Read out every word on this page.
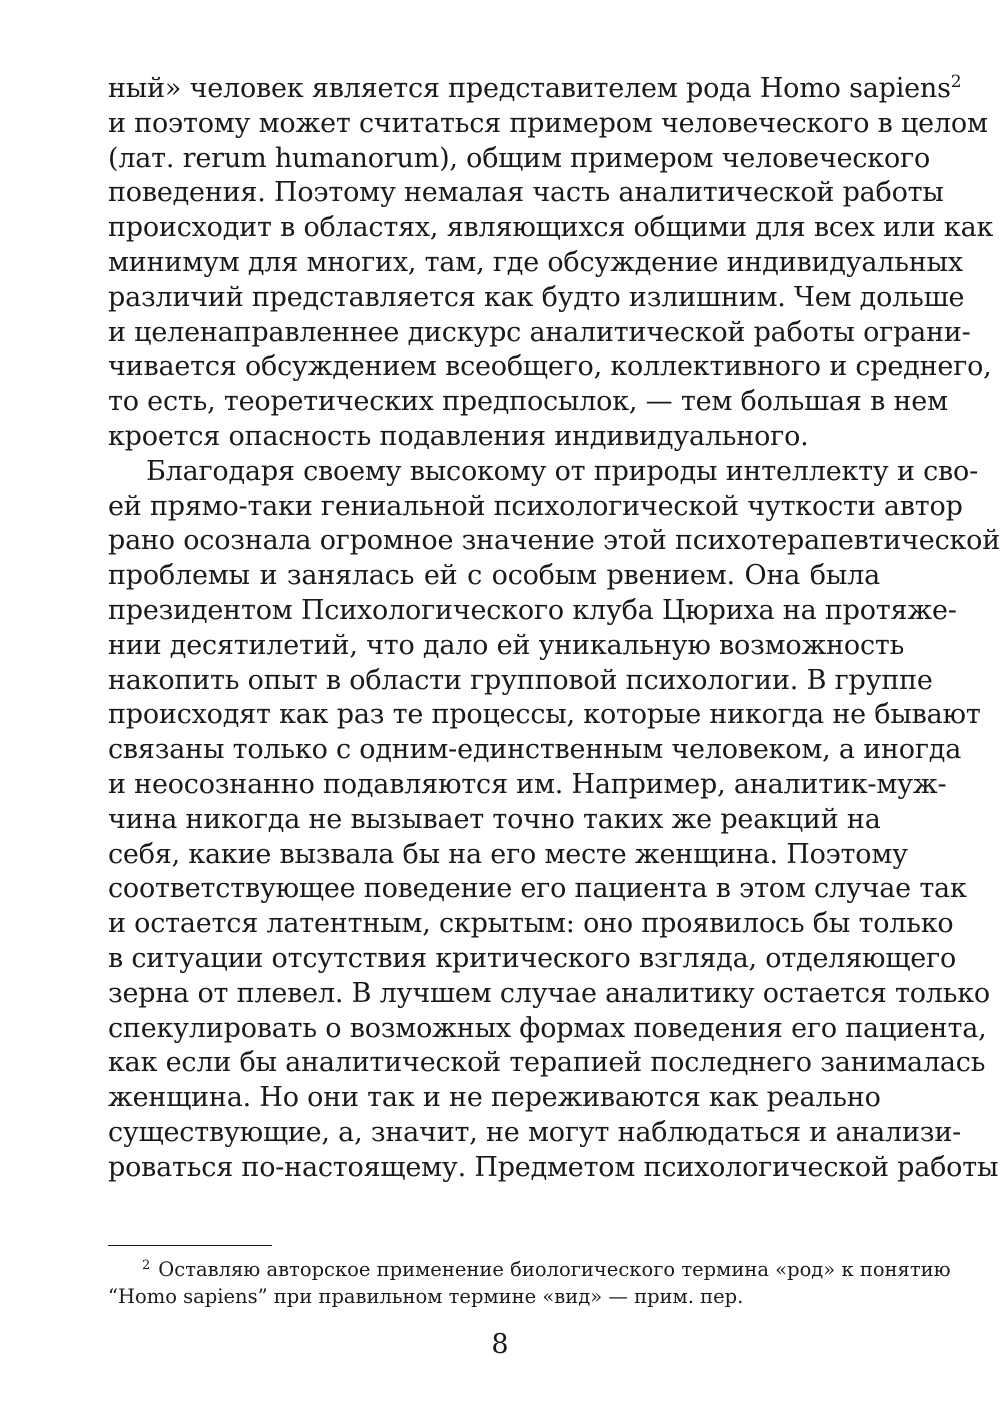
ный» человек является представителем рода Homo sapiens$^2$
и поэтому может считаться примером человеческого в целом
(лат. rerum humanorum), общим примером человеческого
поведения. Поэтому немалая часть аналитической работы
происходит в областях, являющихся общими для всех или как
минимум для многих, там, где обсуждение индивидуальных
различий представляется как будто излишним. Чем дольше
и целенаправленнее дискурс аналитической работы ограни-
чивается обсуждением всеобщего, коллективного и среднего,
то есть, теоретических предпосылок, — тем большая в нем
кроется опасность подавления индивидуального.
Благодаря своему высокому от природы интеллекту и сво-
ей прямо-таки гениальной психологической чуткости автор
рано осознала огромное значение этой психотерапевтической
проблемы и занялась ей с особым рвением. Она была
президентом Психологического клуба Цюриха на протяже-
нии десятилетий, что дало ей уникальную возможность
накопить опыт в области групповой психологии. В группе
происходят как раз те процессы, которые никогда не бывают
связаны только с одним-единственным человеком, а иногда
и неосознанно подавляются им. Например, аналитик-муж-
чина никогда не вызывает точно таких же реакций на
себя, какие вызвала бы на его месте женщина. Поэтому
соответствующее поведение его пациента в этом случае так
и остается латентным, скрытым: оно проявилось бы только
в ситуации отсутствия критического взгляда, отделяющего
зерна от плевел. В лучшем случае аналитику остается только
спекулировать о возможных формах поведения его пациента,
как если бы аналитической терапией последнего занималась
женщина. Но они так и не переживаются как реально
существующие, а, значит, не могут наблюдаться и анализи-
роваться по-настоящему. Предметом психологической работы
$^2$ Оставляю авторское применение биологического термина «род» к понятию
“Homo sapiens” при правильном термине «вид» — прим. пер.
8
